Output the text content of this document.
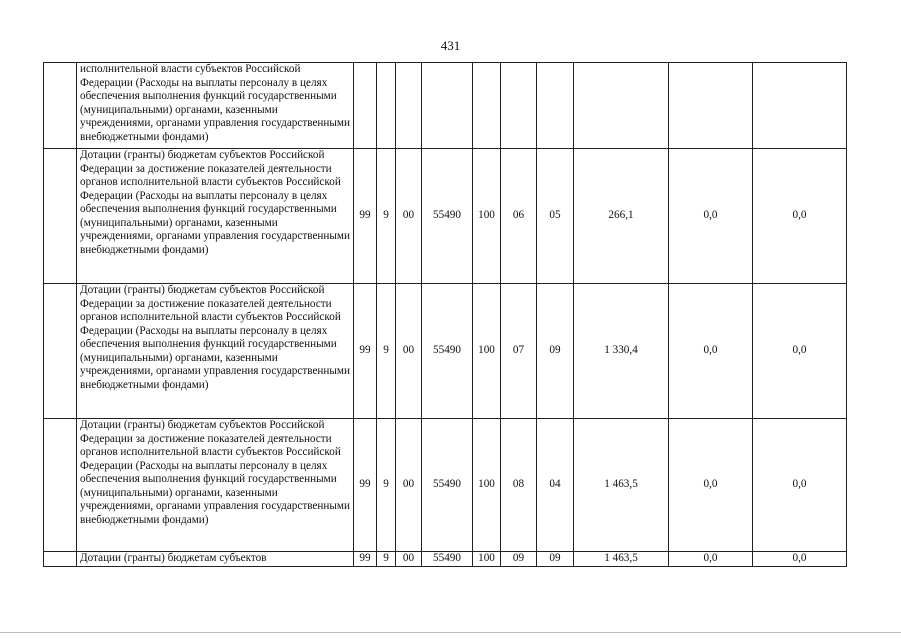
431
	исполнительной власти субъектов Российской Федерации (Расходы на выплаты персоналу в целях обеспечения выполнения функций государственными (муниципальными) органами, казенными учреждениями, органами управления государственными внебюджетными фондами)										
	Дотации (гранты) бюджетам субъектов Российской Федерации за достижение показателей деятельности органов исполнительной власти субъектов Российской Федерации (Расходы на выплаты персоналу в целях обеспечения выполнения функций государственными (муниципальными) органами, казенными учреждениями, органами управления государственными внебюджетными фондами)	99	9	00	55490	100	06	05	266,1	0,0	0,0
	Дотации (гранты) бюджетам субъектов Российской Федерации за достижение показателей деятельности органов исполнительной власти субъектов Российской Федерации (Расходы на выплаты персоналу в целях обеспечения выполнения функций государственными (муниципальными) органами, казенными учреждениями, органами управления государственными внебюджетными фондами)	99	9	00	55490	100	07	09	1 330,4	0,0	0,0
	Дотации (гранты) бюджетам субъектов Российской Федерации за достижение показателей деятельности органов исполнительной власти субъектов Российской Федерации (Расходы на выплаты персоналу в целях обеспечения выполнения функций государственными (муниципальными) органами, казенными учреждениями, органами управления государственными внебюджетными фондами)	99	9	00	55490	100	08	04	1 463,5	0,0	0,0
	Дотации (гранты) бюджетам субъектов	99	9	00	55490	100	09	09	1 463,5	0,0	0,0
